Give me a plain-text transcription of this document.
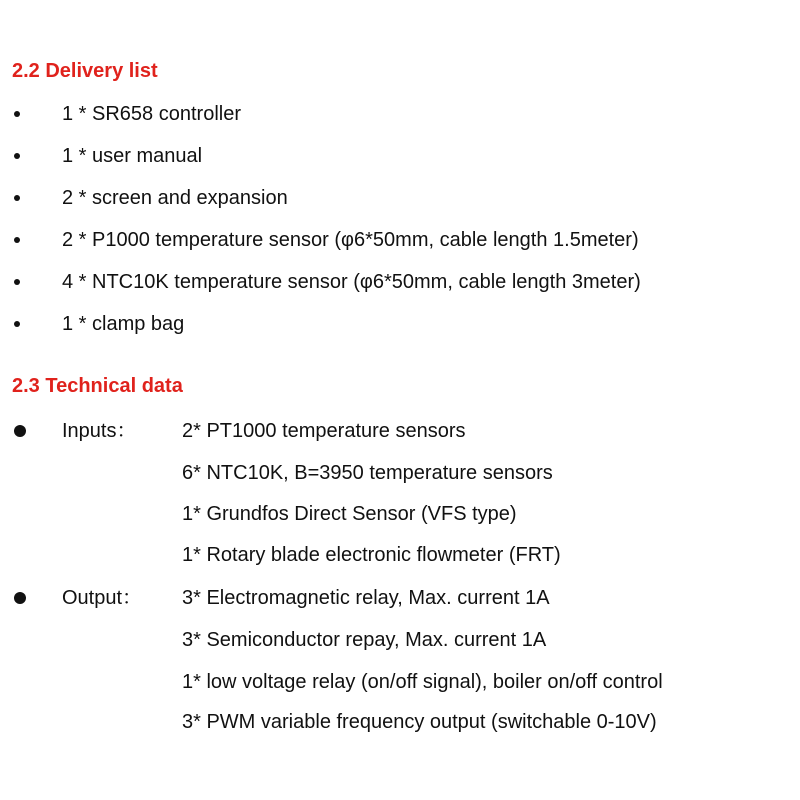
2.2 Delivery list
1 * SR658 controller
1 * user manual
2 * screen and expansion
2 * P1000 temperature sensor (φ6*50mm, cable length 1.5meter)
4 * NTC10K temperature sensor (φ6*50mm, cable length 3meter)
1 * clamp bag
2.3 Technical data
Inputs： 2* PT1000 temperature sensors
6* NTC10K, B=3950 temperature sensors
1* Grundfos Direct Sensor (VFS type)
1* Rotary blade electronic flowmeter (FRT)
Output： 3* Electromagnetic relay, Max. current 1A
3* Semiconductor repay, Max. current 1A
1* low voltage relay (on/off signal), boiler on/off control
3* PWM variable frequency output (switchable 0-10V)
